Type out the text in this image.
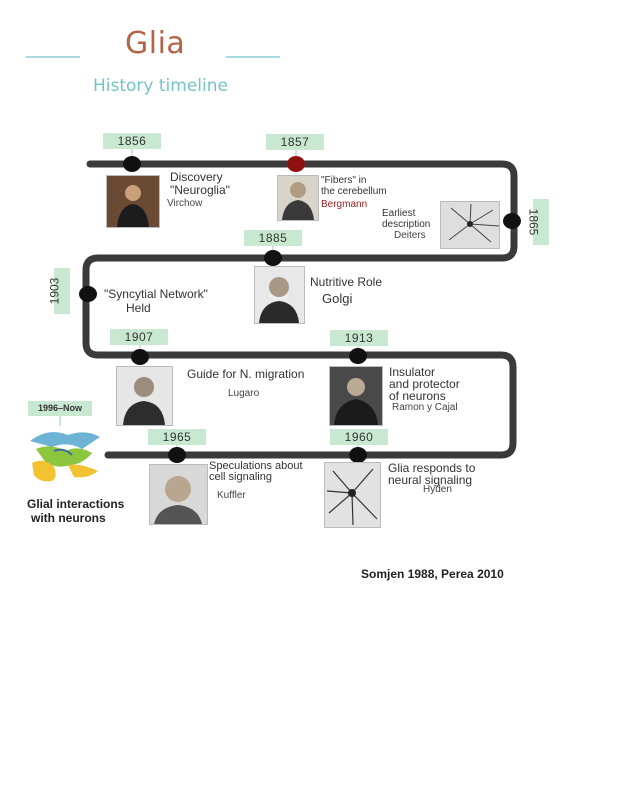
Glia
History timeline
1856	1857
1865
1885
1903
1907	1913
1965	1960
1996–Now
Discovery
"Neuroglia"
Virchow
"Fibers" in
the cerebellum
Bergmann
Earliest
description
Deiters
Nutritive Role
Golgi
"Syncytial Network"
Held
Guide for N. migration
Lugaro
Insulator
and protector
of neurons
Ramon y Cajal
Glial interactions
with neurons
Speculations about
cell signaling
Kuffler
Glia responds to
neural signaling
Hyden
Somjen 1988, Perea 2010
